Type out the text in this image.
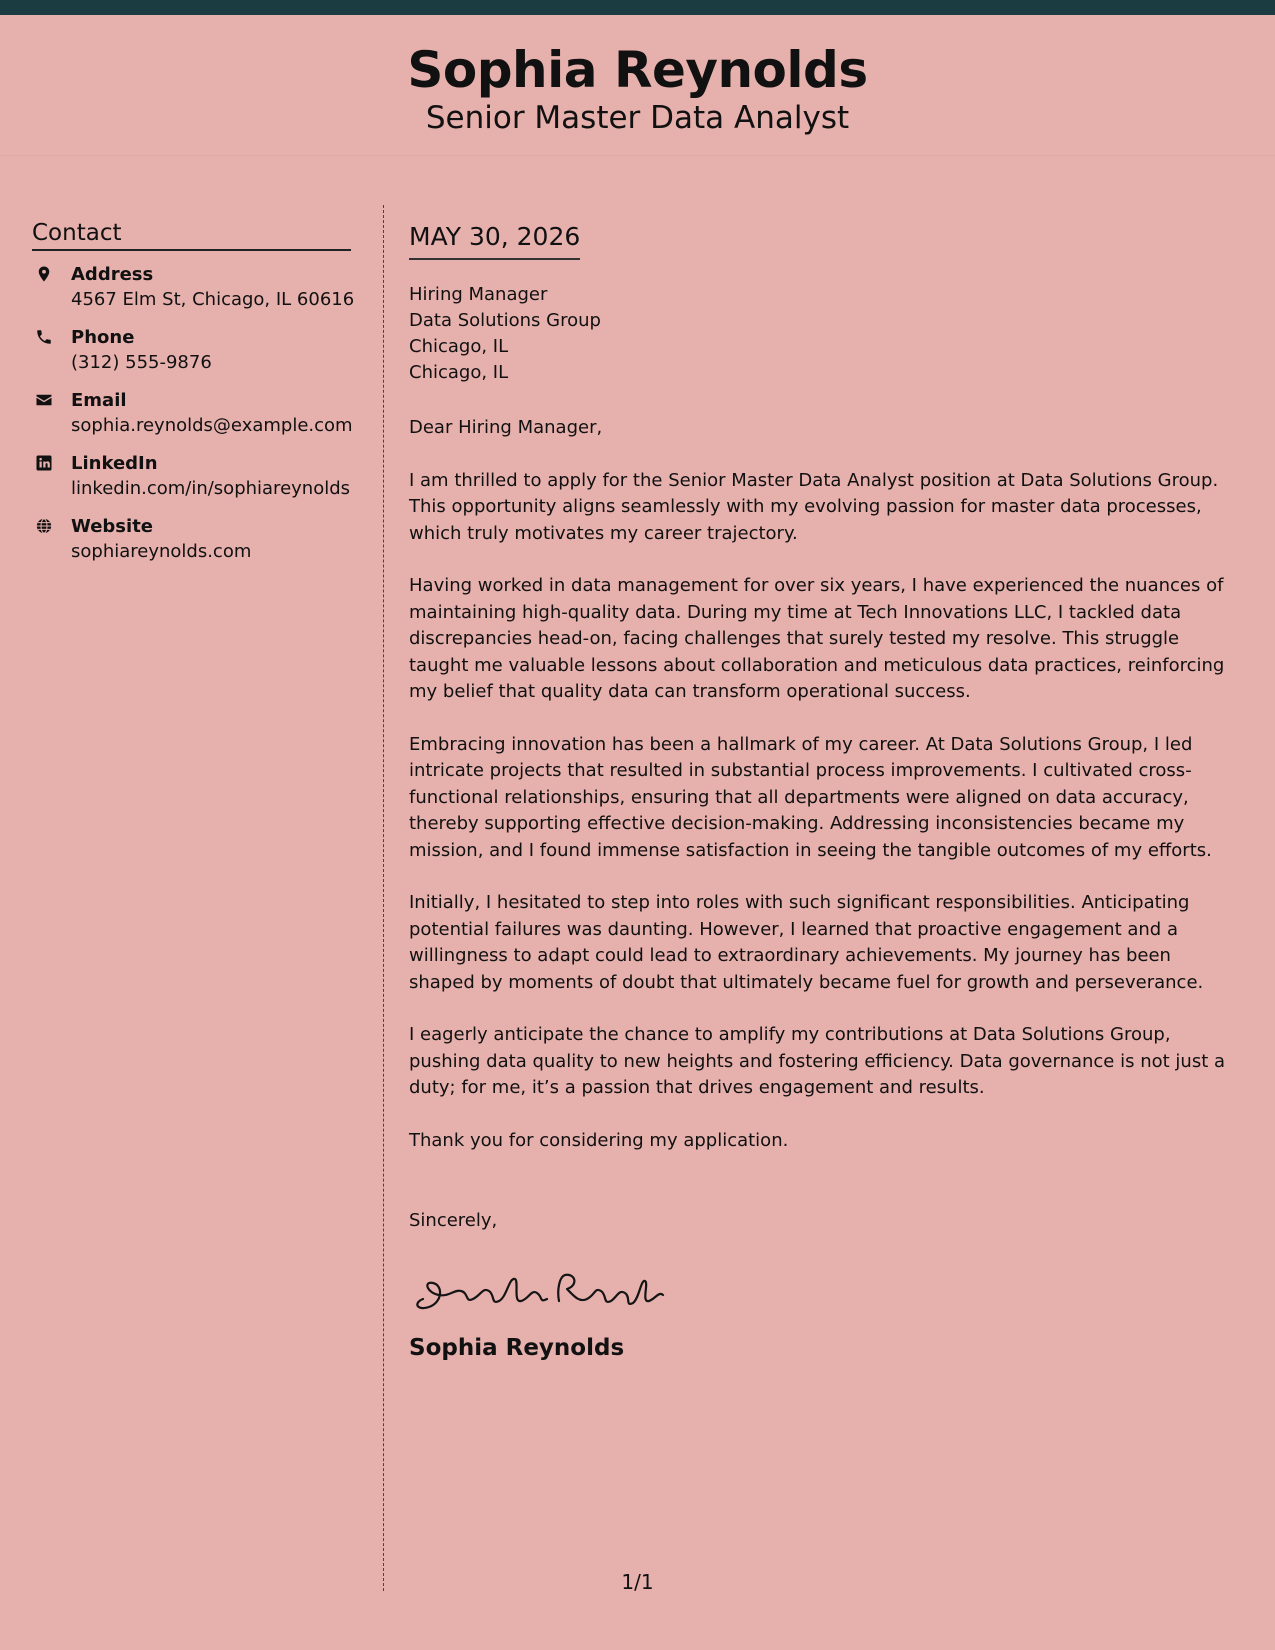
Sophia Reynolds
Senior Master Data Analyst
Contact
Address
4567 Elm St, Chicago, IL 60616
Phone
(312) 555-9876
Email
sophia.reynolds@example.com
LinkedIn
linkedin.com/in/sophiareynolds
Website
sophiareynolds.com
MAY 30, 2026
Hiring Manager
Data Solutions Group
Chicago, IL
Chicago, IL
Dear Hiring Manager,

I am thrilled to apply for the Senior Master Data Analyst position at Data Solutions Group. This opportunity aligns seamlessly with my evolving passion for master data processes, which truly motivates my career trajectory.

Having worked in data management for over six years, I have experienced the nuances of maintaining high-quality data. During my time at Tech Innovations LLC, I tackled data discrepancies head-on, facing challenges that surely tested my resolve. This struggle taught me valuable lessons about collaboration and meticulous data practices, reinforcing my belief that quality data can transform operational success.

Embracing innovation has been a hallmark of my career. At Data Solutions Group, I led intricate projects that resulted in substantial process improvements. I cultivated cross-functional relationships, ensuring that all departments were aligned on data accuracy, thereby supporting effective decision-making. Addressing inconsistencies became my mission, and I found immense satisfaction in seeing the tangible outcomes of my efforts.

Initially, I hesitated to step into roles with such significant responsibilities. Anticipating potential failures was daunting. However, I learned that proactive engagement and a willingness to adapt could lead to extraordinary achievements. My journey has been shaped by moments of doubt that ultimately became fuel for growth and perseverance.

I eagerly anticipate the chance to amplify my contributions at Data Solutions Group, pushing data quality to new heights and fostering efficiency. Data governance is not just a duty; for me, it’s a passion that drives engagement and results.

Thank you for considering my application.

Sincerely,
Sophia Reynolds
1/1
